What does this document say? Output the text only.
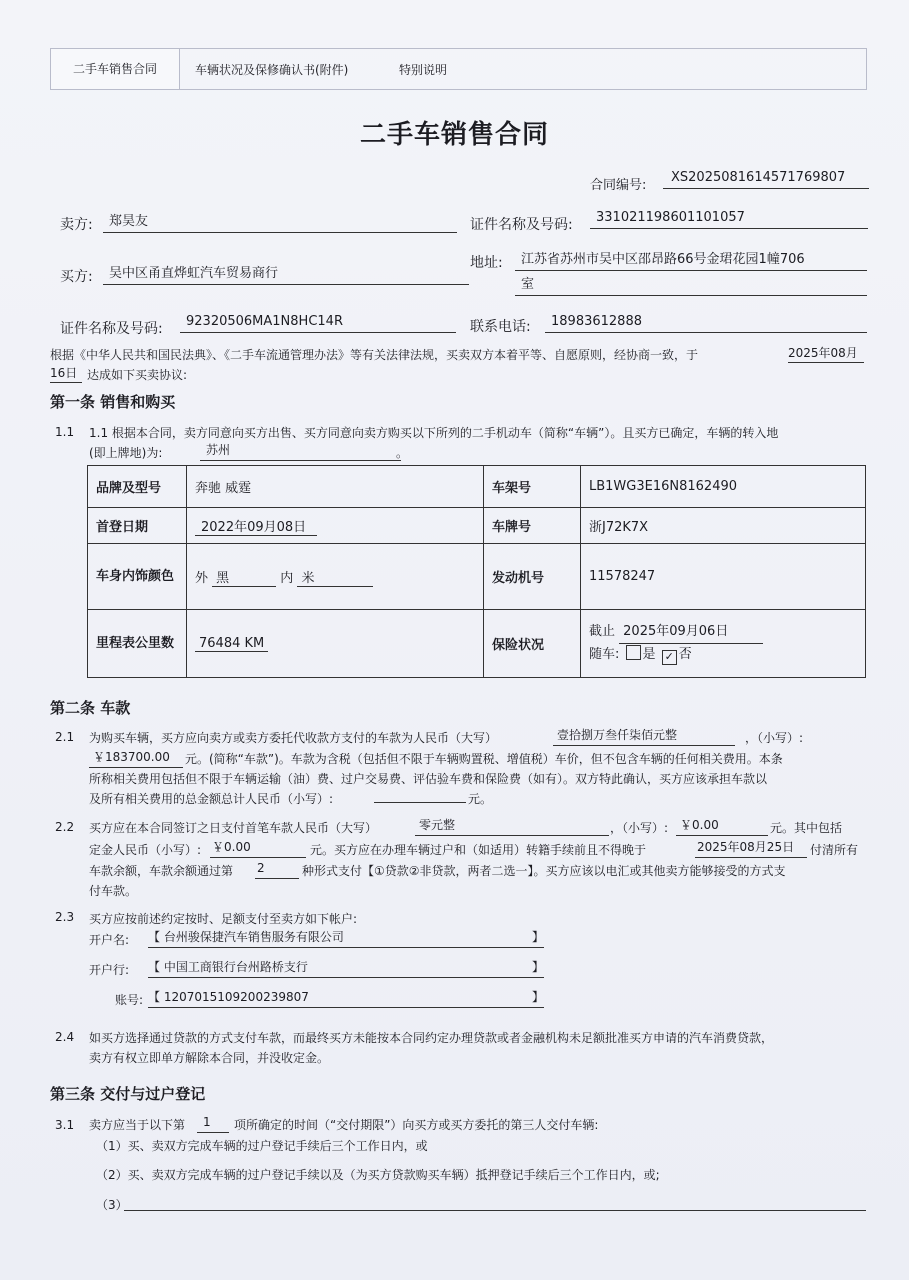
二手车销售合同	车辆状况及保修确认书(附件)	特别说明
二手车销售合同
合同编号:
XS2025081614571769807
卖方:	郑昊友	证件名称及号码:	331021198601101057
买方:	吴中区甬直烨虹汽车贸易商行
地址:	江苏省苏州市吴中区邵昂路66号金珺花园1幢706
室
证件名称及号码:	92320506MA1N8HC14R	联系电话:	18983612888
根据《中华人民共和国民法典》、《二手车流通管理办法》等有关法律法规，买卖双方本着平等、自愿原则，经协商一致，于	2025年08月
16日 达成如下买卖协议:
第一条 销售和购买
1.1 1.1 根据本合同，卖方同意向买方出售、买方同意向卖方购买以下所列的二手机动车（简称“车辆”）。且买方已确定，车辆的转入地
(即上牌地)为:	苏州	。
品牌及型号	奔驰 威霆	车架号	LB1WG3E16N8162490
首登日期	2022年09月08日	车牌号	浙J72K7X
车身内饰颜色	外 黑 内 米	发动机号	11578247
里程表公里数	76484 KM	保险状况	截止 2025年09月06日
随车: 是 ✓ 否
第二条 车款
2.1 为购买车辆，买方应向卖方或卖方委托代收款方支付的车款为人民币（大写）	壹拾捌万叁仟柒佰元整	，（小写）:
￥183700.00	元。(简称“车款”)。车款为含税（包括但不限于车辆购置税、增值税）车价，但不包含车辆的任何相关费用。本条
所称相关费用包括但不限于车辆运输（油）费、过户交易费、评估验车费和保险费（如有）。双方特此确认，买方应该承担车款以
及所有相关费用的总金额总计人民币（小写）:	元。
2.2 买方应在本合同签订之日支付首笔车款人民币（大写）	零元整	，（小写）: ￥0.00	元。其中包括
定金人民币（小写）: ￥0.00	元。买方应在办理车辆过户和（如适用）转籍手续前且不得晚于	2025年08月25日	付清所有
车款余额，车款余额通过第 2	种形式支付【①贷款②非贷款，两者二选一】。买方应该以电汇或其他卖方能够接受的方式支
付车款。
2.3 买方应按前述约定按时、足额支付至卖方如下帐户:
开户名: 【 台州骏保捷汽车销售服务有限公司	】
开户行: 【 中国工商银行台州路桥支行	】
账号: 【 1207015109200239807	】
2.4 如买方选择通过贷款的方式支付车款，而最终买方未能按本合同约定办理贷款或者金融机构未足额批准买方申请的汽车消费贷款，
卖方有权立即单方解除本合同，并没收定金。
第三条 交付与过户登记
3.1 卖方应当于以下第	1	项所确定的时间（“交付期限”）向买方或买方委托的第三人交付车辆:
（1）买、卖双方完成车辆的过户登记手续后三个工作日内，或
（2）买、卖双方完成车辆的过户登记手续以及（为买方贷款购买车辆）抵押登记手续后三个工作日内，或;
（3）
